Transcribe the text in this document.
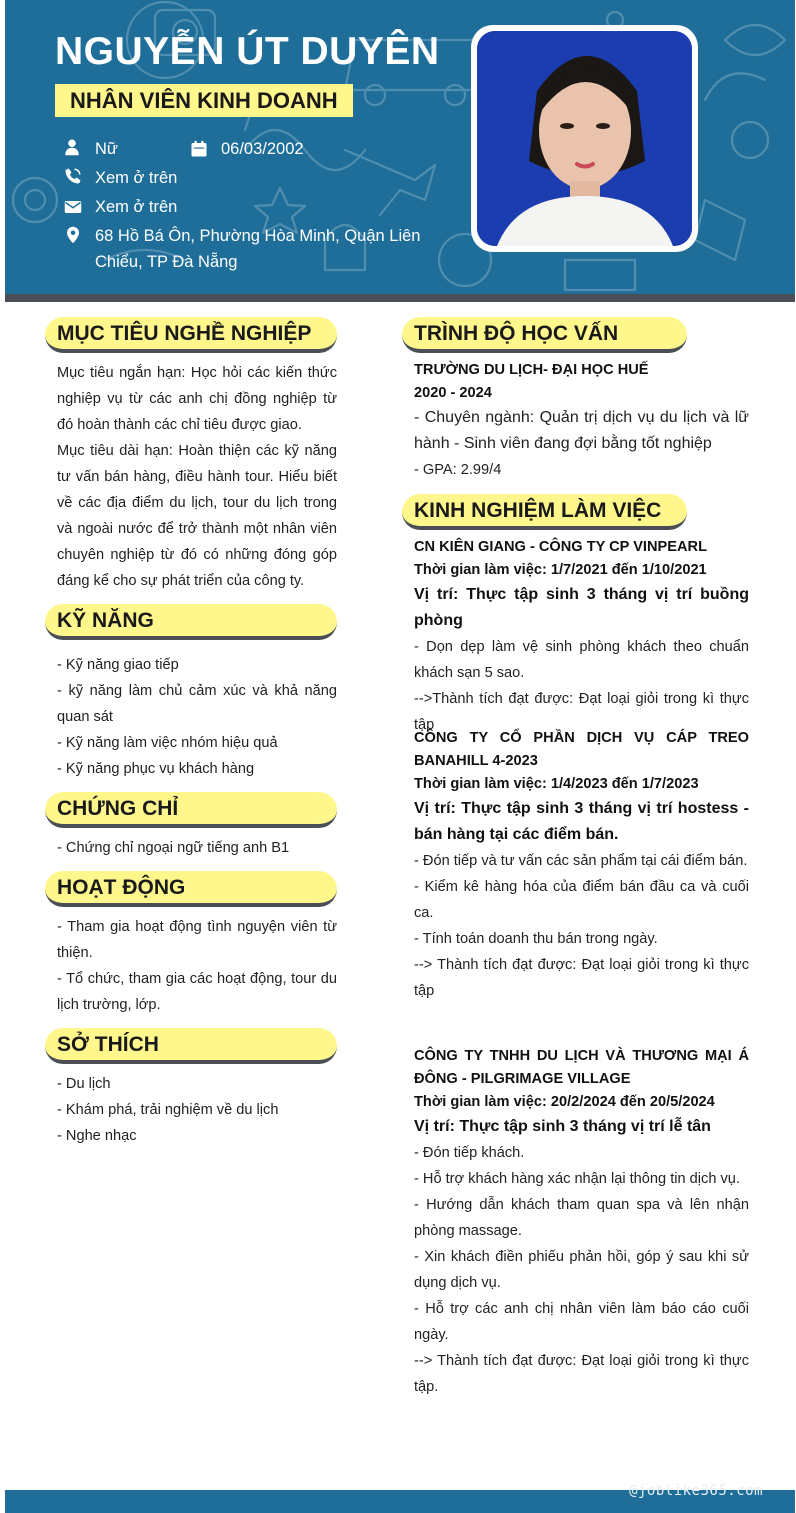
NGUYỄN ÚT DUYÊN
NHÂN VIÊN KINH DOANH
Nữ	06/03/2002
Xem ở trên
Xem ở trên
68 Hồ Bá Ôn, Phường Hòa Minh, Quận Liên Chiểu, TP Đà Nẵng
MỤC TIÊU NGHỀ NGHIỆP

Mục tiêu ngắn hạn: Học hỏi các kiến thức nghiệp vụ từ các anh chị đồng nghiệp từ đó hoàn thành các chỉ tiêu được giao.

Mục tiêu dài hạn: Hoàn thiện các kỹ năng tư vấn bán hàng, điều hành tour. Hiểu biết về các địa điểm du lịch, tour du lịch trong và ngoài nước để trở thành một nhân viên chuyên nghiệp từ đó có những đóng góp đáng kể cho sự phát triển của công ty.

KỸ NĂNG

- Kỹ năng giao tiếp

- kỹ năng làm chủ cảm xúc và khả năng quan sát

- Kỹ năng làm việc nhóm hiệu quả

- Kỹ năng phục vụ khách hàng

CHỨNG CHỈ

- Chứng chỉ ngoại ngữ tiếng anh B1

HOẠT ĐỘNG

- Tham gia hoạt động tình nguyện viên từ thiện.

- Tổ chức, tham gia các hoạt động, tour du lịch trường, lớp.

SỞ THÍCH

- Du lịch

- Khám phá, trải nghiệm về du lịch

- Nghe nhạc

TRÌNH ĐỘ HỌC VẤN

TRƯỜNG DU LỊCH- ĐẠI HỌC HUẾ

2020 - 2024

- Chuyên ngành: Quản trị dịch vụ du lịch và lữ hành - Sinh viên đang đợi bằng tốt nghiệp

- GPA: 2.99/4

KINH NGHIỆM LÀM VIỆC

CN KIÊN GIANG - CÔNG TY CP VINPEARL

Thời gian làm việc: 1/7/2021 đến 1/10/2021

Vị trí: Thực tập sinh 3 tháng vị trí buồng phòng

- Dọn dẹp làm vệ sinh phòng khách theo chuẩn khách sạn 5 sao.

-->Thành tích đạt được: Đạt loại giỏi trong kì thực tập

CÔNG TY CỔ PHẦN DỊCH VỤ CÁP TREO BANAHILL 4-2023

Thời gian làm việc: 1/4/2023 đến 1/7/2023

Vị trí: Thực tập sinh 3 tháng vị trí hostess - bán hàng tại các điểm bán.

- Đón tiếp và tư vấn các sản phẩm tại cái điểm bán.

- Kiểm kê hàng hóa của điểm bán đầu ca và cuối ca.

- Tính toán doanh thu bán trong ngày.

--> Thành tích đạt được: Đạt loại giỏi trong kì thực tập

CÔNG TY TNHH DU LỊCH VÀ THƯƠNG MẠI Á ĐÔNG - PILGRIMAGE VILLAGE

Thời gian làm việc: 20/2/2024 đến 20/5/2024

Vị trí: Thực tập sinh 3 tháng vị trí lễ tân

- Đón tiếp khách.

- Hỗ trợ khách hàng xác nhận lại thông tin dịch vụ.

- Hướng dẫn khách tham quan spa và lên nhận phòng massage.

- Xin khách điền phiếu phản hồi, góp ý sau khi sử dụng dịch vụ.

- Hỗ trợ các anh chị nhân viên làm báo cáo cuối ngày.

--> Thành tích đạt được: Đạt loại giỏi trong kì thực tập.

@joblike365.com
